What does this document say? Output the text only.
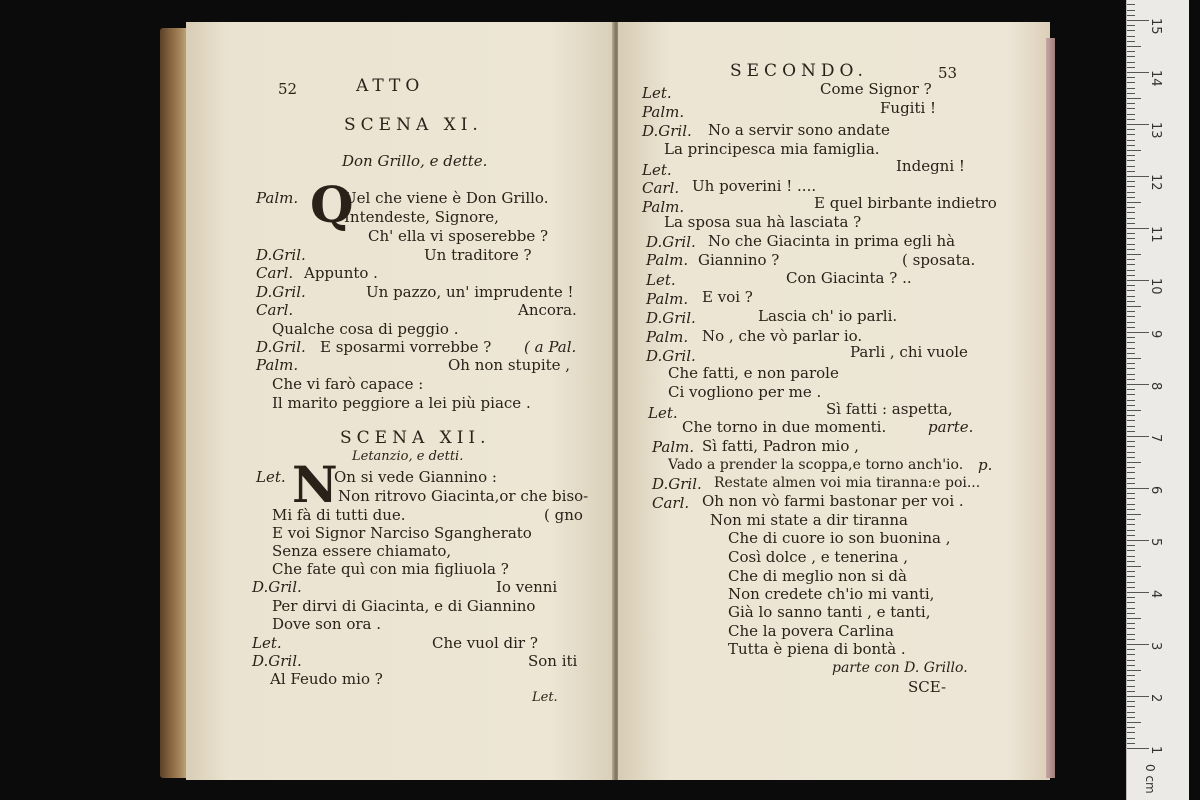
52	ATTO
SCENA XI.
Don Grillo, e dette.
Palm. Q
Uel che viene è Don Grillo.
Intendeste, Signore,
Ch' ella vi sposerebbe ?
D.Gril.	Un traditore ?
Carl. Appunto .
D.Gril.	Un pazzo, un' imprudente !
Carl.	Ancora.
Qualche cosa di peggio .
D.Gril. E sposarmi vorrebbe ? ( a Pal.
Palm.	Oh non stupite ,
Che vi farò capace :
Il marito peggiore a lei più piace .
SCENA XII.
Letanzio, e detti.
Let. N
On si vede Giannino :
Non ritrovo Giacinta,or che biso-
Mi fà di tutti due.	( gno
E voi Signor Narciso Sgangherato
Senza essere chiamato,
Che fate quì con mia figliuola ?
D.Gril.	Io venni
Per dirvi di Giacinta, e di Giannino
Dove son ora .
Let.	Che vuol dir ?
D.Gril.	Son iti
Al Feudo mio ?
Let.
SECONDO.	53
Let.	Come Signor ?
Palm.	Fugiti !
D.Gril. No a servir sono andate
La principesca mia famiglia.
Let.	Indegni !
Carl. Uh poverini ! ....
Palm.	E quel birbante indietro
La sposa sua hà lasciata ?
D.Gril. No che Giacinta in prima egli hà
Palm. Giannino ?	( sposata.
Let.	Con Giacinta ? ..
Palm. E voi ?
D.Gril.	Lascia ch' io parli.
Palm. No , che vò parlar io.
D.Gril.	Parli , chi vuole
Che fatti, e non parole
Ci vogliono per me .
Let.	Sì fatti : aspetta,
Che torno in due momenti.	parte.
Palm. Sì fatti, Padron mio ,
Vado a prender la scoppa,e torno anch'io. p.
D.Gril. Restate almen voi mia tiranna:e poi...
Carl. Oh non vò farmi bastonar per voi .
Non mi state a dir tiranna
Che di cuore io son buonina ,
Così dolce , e tenerina ,
Che di meglio non si dà
Non credete ch'io mi vanti,
Già lo sanno tanti , e tanti,
Che la povera Carlina
Tutta è piena di bontà .
parte con D. Grillo.
SCE-
1
2
3
4
5
6
7
8
9
10
11
12
13
14
15
0 cm
